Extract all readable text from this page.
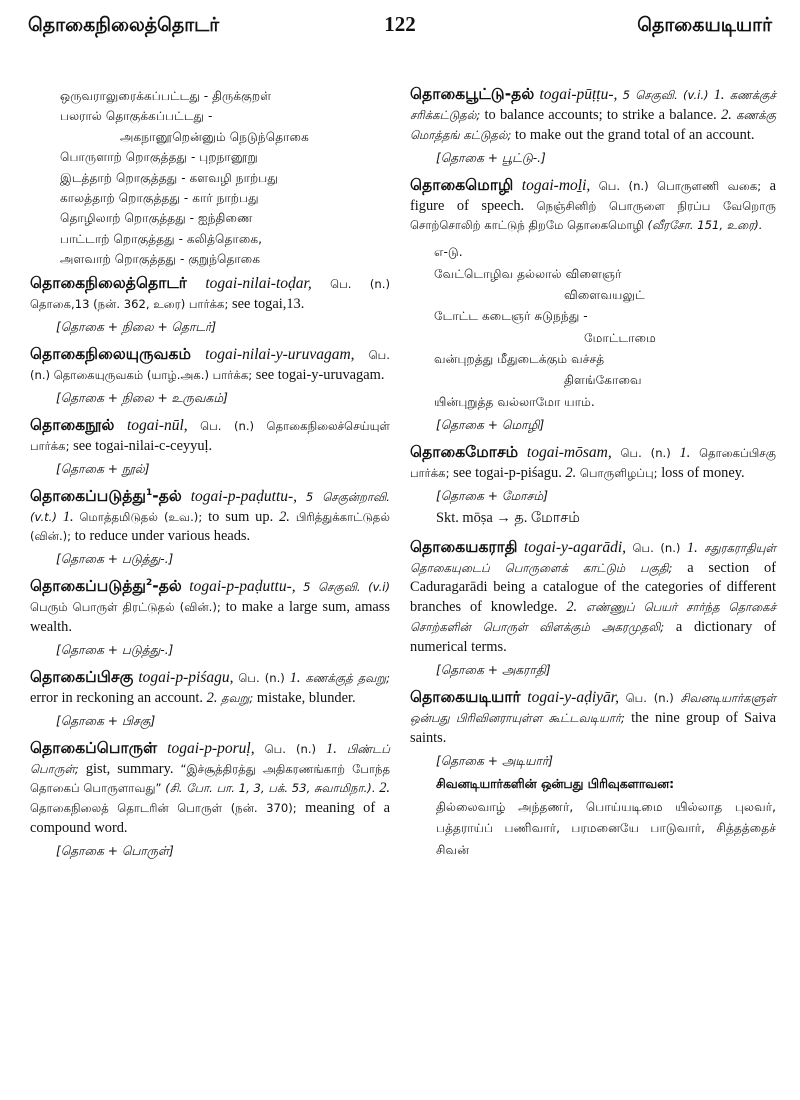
தொகைநிலைத்தொடர்	122	தொகையடியார்
ஒருவராலுரைக்கப்பட்டது - திருக்குறள்
பலரால் தொகுக்கப்பட்டது -
அகநானூறென்னும் நெடுந்தொகை
பொருளாற் றொகுத்தது - புறநானூறு
இடத்தாற் றொகுத்தது - களவழி நாற்பது
காலத்தாற் றொகுத்தது - கார் நாற்பது
தொழிலாற் றொகுத்தது - ஐந்திணை
பாட்டாற் றொகுத்தது - கலித்தொகை,
அளவாற் றொகுத்தது - குறுந்தொகை
தொகைநிலைத்தொடர் togai-nilai-toḍar, பெ. (n.) தொகை,13 (நன். 362, உரை) பார்க்க; see togai,13.
[தொகை + நிலை + தொடர்]
தொகைநிலையுருவகம் togai-nilai-y-uruvagam, பெ. (n.) தொகையுருவகம் (யாழ்.அக.) பார்க்க; see togai-y-uruvagam.
[தொகை + நிலை + உருவகம்]
தொகைநூல் togai-nūl, பெ. (n.) தொகைநிலைச்செய்யுள் பார்க்க; see togai-nilai-c-ceyyuḷ.
[தொகை + நூல்]
தொகைப்படுத்து$^1$-தல் togai-p-paḍuttu-, 5 செகுன்றாவி. (v.t.) 1. மொத்தமிடுதல் (உவ.); to sum up. 2. பிரித்துக்காட்டுதல் (வின்.); to reduce under various heads.
[தொகை + படுத்து-.]
தொகைப்படுத்து$^2$-தல் togai-p-paḍuttu-, 5 செகுவி. (v.i) பெரும் பொருள் திரட்டுதல் (வின்.); to make a large sum, amass wealth.
[தொகை + படுத்து-.]
தொகைப்பிசகு togai-p-piśagu, பெ. (n.) 1. கணக்குத் தவறு; error in reckoning an account. 2. தவறு; mistake, blunder.
[தொகை + பிசகு]
தொகைப்பொருள் togai-p-poruḷ, பெ. (n.) 1. பிண்டப் பொருள்; gist, summary. “இச்சூத்திரத்து அதிகரணங்காற் போந்த தொகைப் பொருளாவது” (சி. போ. பா. 1, 3, பக். 53, சுவாமிநா.). 2. தொகைநிலைத் தொடரின் பொருள் (நன். 370); meaning of a compound word.
[தொகை + பொருள்]
தொகைபூட்டு-தல் togai-pūṭṭu-, 5 செகுவி. (v.i.) 1. கணக்குச் சரிக்கட்டுதல்; to balance accounts; to strike a balance. 2. கணக்கு மொத்தங் கட்டுதல்; to make out the grand total of an account.
[தொகை + பூட்டு-.]
தொகைமொழி togai-moḻi, பெ. (n.) பொருளணி வகை; a figure of speech. நெஞ்சினிற் பொருளை நிரப்ப வேறொரு சொற்சொலிற் காட்டுந் திறமே தொகைமொழி (வீரசோ. 151, உரை).
எ-டு.
வேட்டொழிவ தல்லால் விளைஞர்
விளைவயலுட்
டோட்ட கடைஞர் சுடுநந்து -
மோட்டாமை
வன்புறத்து மீதுடைக்கும் வச்சத்
திளங்கோவை
யின்புறுத்த வல்லாமோ யாம்.
[தொகை + மொழி]
தொகைமோசம் togai-mōsam, பெ. (n.) 1. தொகைப்பிசகு பார்க்க; see togai-p-piśagu. 2. பொருளிழப்பு; loss of money.
[தொகை + மோசம்]
Skt. mōṣa → த. மோசம்
தொகையகராதி togai-y-agarādi, பெ. (n.) 1. சதுரகராதியுள் தொகையுடைப் பொருளைக் காட்டும் பகுதி; a section of Caduragarādi being a catalogue of the categories of different branches of knowledge. 2. எண்ணுப் பெயர் சார்ந்த தொகைச் சொற்களின் பொருள் விளக்கும் அகரமுதலி; a dictionary of numerical terms.
[தொகை + அகராதி]
தொகையடியார் togai-y-aḍiyār, பெ. (n.) சிவனடியார்களுள் ஒன்பது பிரிவினராயுள்ள கூட்டவடியார்; the nine group of Saiva saints.
[தொகை + அடியார்]
சிவனடியார்களின் ஒன்பது பிரிவுகளாவன:
தில்லைவாழ் அந்தணர், பொய்யடிமை யில்லாத புலவர், பத்தராய்ப் பணிவார், பரமனையே பாடுவார், சித்தத்தைச் சிவன்
